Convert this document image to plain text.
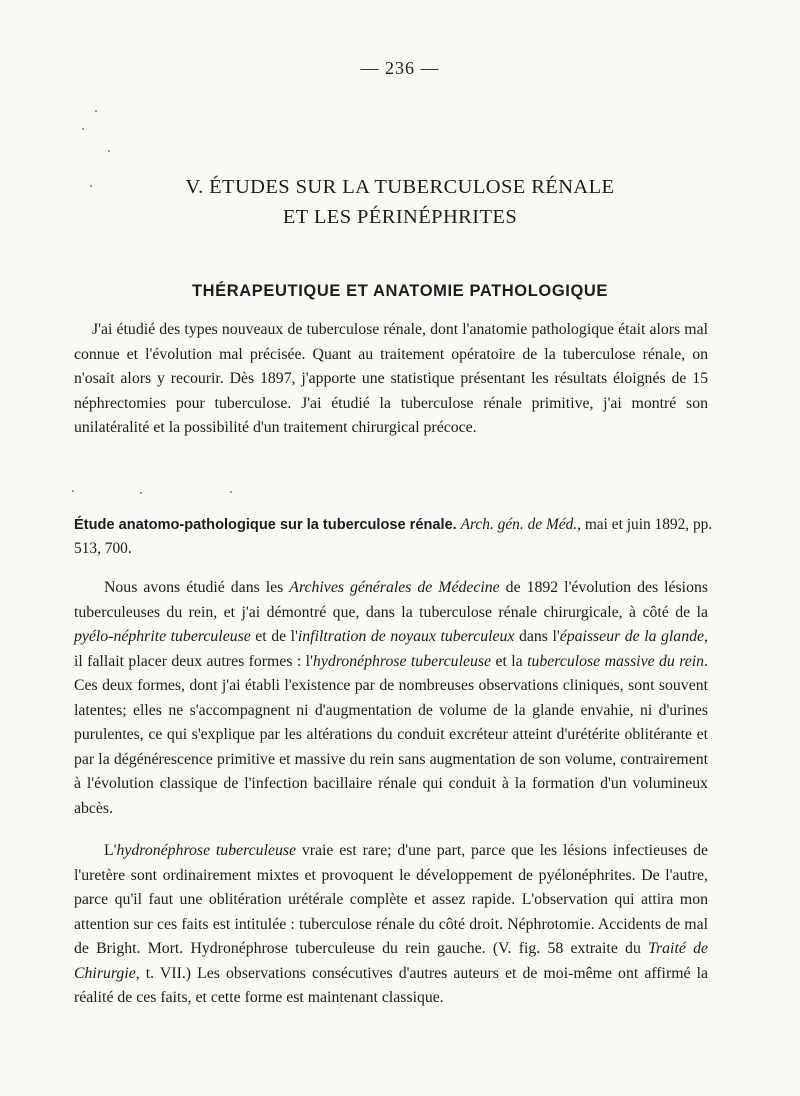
— 236 —
V. ÉTUDES SUR LA TUBERCULOSE RÉNALE
ET LES PÉRINÉPHRITES
THÉRAPEUTIQUE ET ANATOMIE PATHOLOGIQUE

J'ai étudié des types nouveaux de tuberculose rénale, dont l'anatomie pathologique était alors mal connue et l'évolution mal précisée. Quant au traitement opératoire de la tuberculose rénale, on n'osait alors y recourir. Dès 1897, j'apporte une statistique présentant les résultats éloignés de 15 néphrectomies pour tuberculose. J'ai étudié la tuberculose rénale primitive, j'ai montré son unilatéralité et la possibilité d'un traitement chirurgical précoce.

Étude anatomo-pathologique sur la tuberculose rénale. Arch. gén. de Méd., mai et juin 1892, pp. 513, 700.

Nous avons étudié dans les Archives générales de Médecine de 1892 l'évolution des lésions tuberculeuses du rein, et j'ai démontré que, dans la tuberculose rénale chirurgicale, à côté de la pyélo-néphrite tuberculeuse et de l'infiltration de noyaux tuberculeux dans l'épaisseur de la glande, il fallait placer deux autres formes : l'hydronéphrose tuberculeuse et la tuberculose massive du rein. Ces deux formes, dont j'ai établi l'existence par de nombreuses observations cliniques, sont souvent latentes; elles ne s'accompagnent ni d'augmentation de volume de la glande envahie, ni d'urines purulentes, ce qui s'explique par les altérations du conduit excréteur atteint d'urétérite oblitérante et par la dégénérescence primitive et massive du rein sans augmentation de son volume, contrairement à l'évolution classique de l'infection bacillaire rénale qui conduit à la formation d'un volumineux abcès.

L'hydronéphrose tuberculeuse vraie est rare; d'une part, parce que les lésions infectieuses de l'uretère sont ordinairement mixtes et provoquent le développement de pyélonéphrites. De l'autre, parce qu'il faut une oblitération urétérale complète et assez rapide. L'observation qui attira mon attention sur ces faits est intitulée : tuberculose rénale du côté droit. Néphrotomie. Accidents de mal de Bright. Mort. Hydronéphrose tuberculeuse du rein gauche. (V. fig. 58 extraite du Traité de Chirurgie, t. VII.) Les observations consécutives d'autres auteurs et de moi-même ont affirmé la réalité de ces faits, et cette forme est maintenant classique.
